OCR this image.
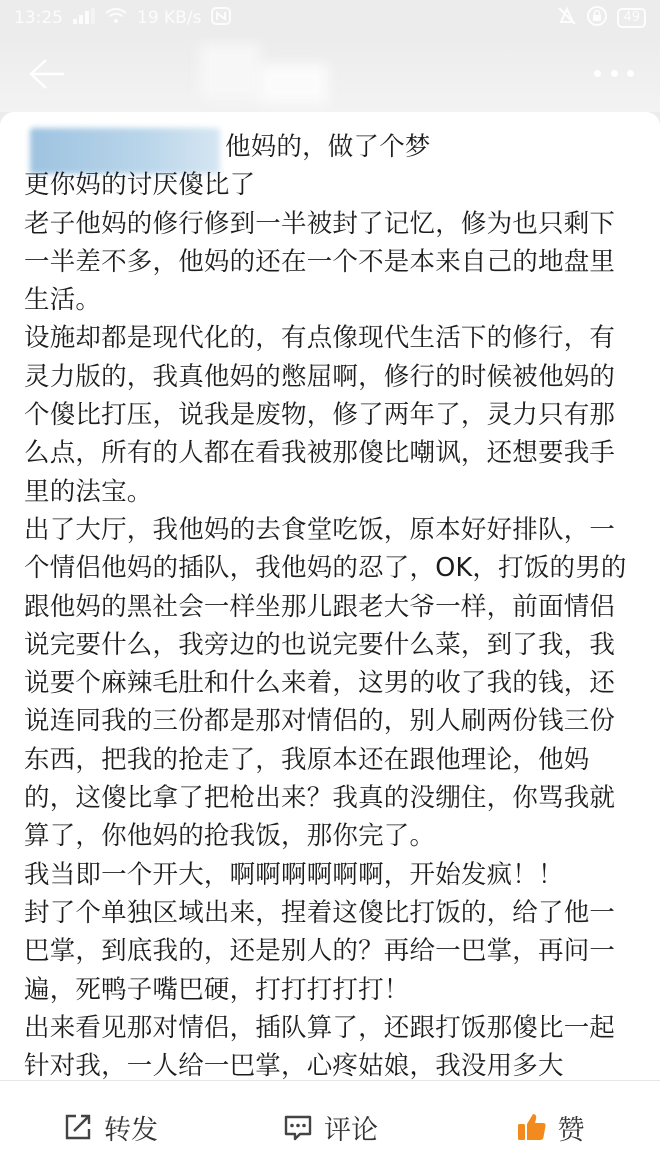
13:25	19 KB/s	49

他妈的，做了个梦

更你妈的讨厌傻比了

老子他妈的修行修到一半被封了记忆，修为也只剩下一半差不多，他妈的还在一个不是本来自己的地盘里生活。

设施却都是现代化的，有点像现代生活下的修行，有灵力版的，我真他妈的憋屈啊，修行的时候被他妈的个傻比打压，说我是废物，修了两年了，灵力只有那么点，所有的人都在看我被那傻比嘲讽，还想要我手里的法宝。

出了大厅，我他妈的去食堂吃饭，原本好好排队，一个情侣他妈的插队，我他妈的忍了，OK，打饭的男的跟他妈的黑社会一样坐那儿跟老大爷一样，前面情侣说完要什么，我旁边的也说完要什么菜，到了我，我说要个麻辣毛肚和什么来着，这男的收了我的钱，还说连同我的三份都是那对情侣的，别人刷两份钱三份东西，把我的抢走了，我原本还在跟他理论，他妈的，这傻比拿了把枪出来？我真的没绷住，你骂我就算了，你他妈的抢我饭，那你完了。

我当即一个开大，啊啊啊啊啊啊，开始发疯！！

封了个单独区域出来，捏着这傻比打饭的，给了他一巴掌，到底我的，还是别人的？再给一巴掌，再问一遍，死鸭子嘴巴硬，打打打打打！

出来看见那对情侣，插队算了，还跟打饭那傻比一起针对我，一人给一巴掌，心疼姑娘，我没用多大

转发	评论	赞
